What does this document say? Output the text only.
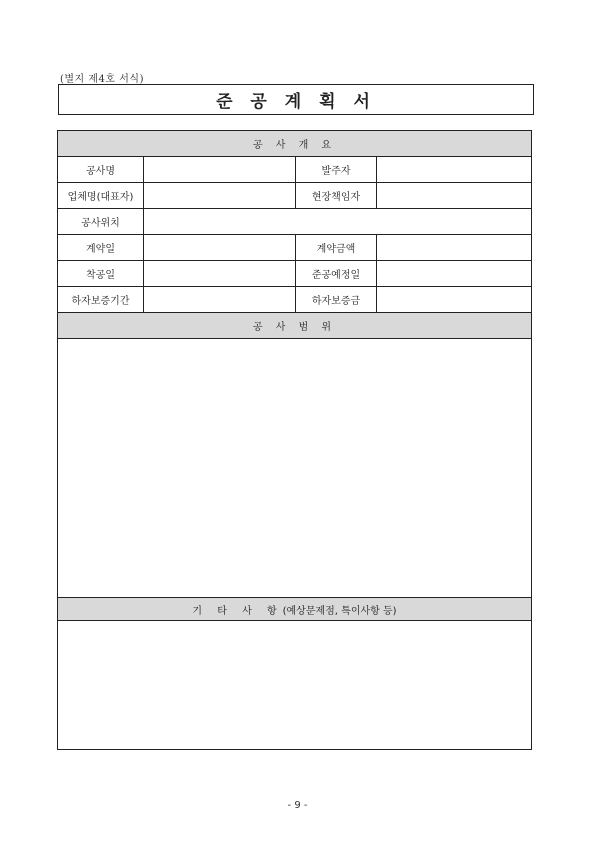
(별지 제4호 서식)
준 공 계 획 서
공 사 개 요
공사명	발주자
업체명(대표자)	현장책임자
공사위치
계약일	계약금액
착공일	준공예정일
하자보증기간	하자보증금
공 사 범 위
기 타 사 항 (예상문제점, 특이사항 등)
- 9 -
